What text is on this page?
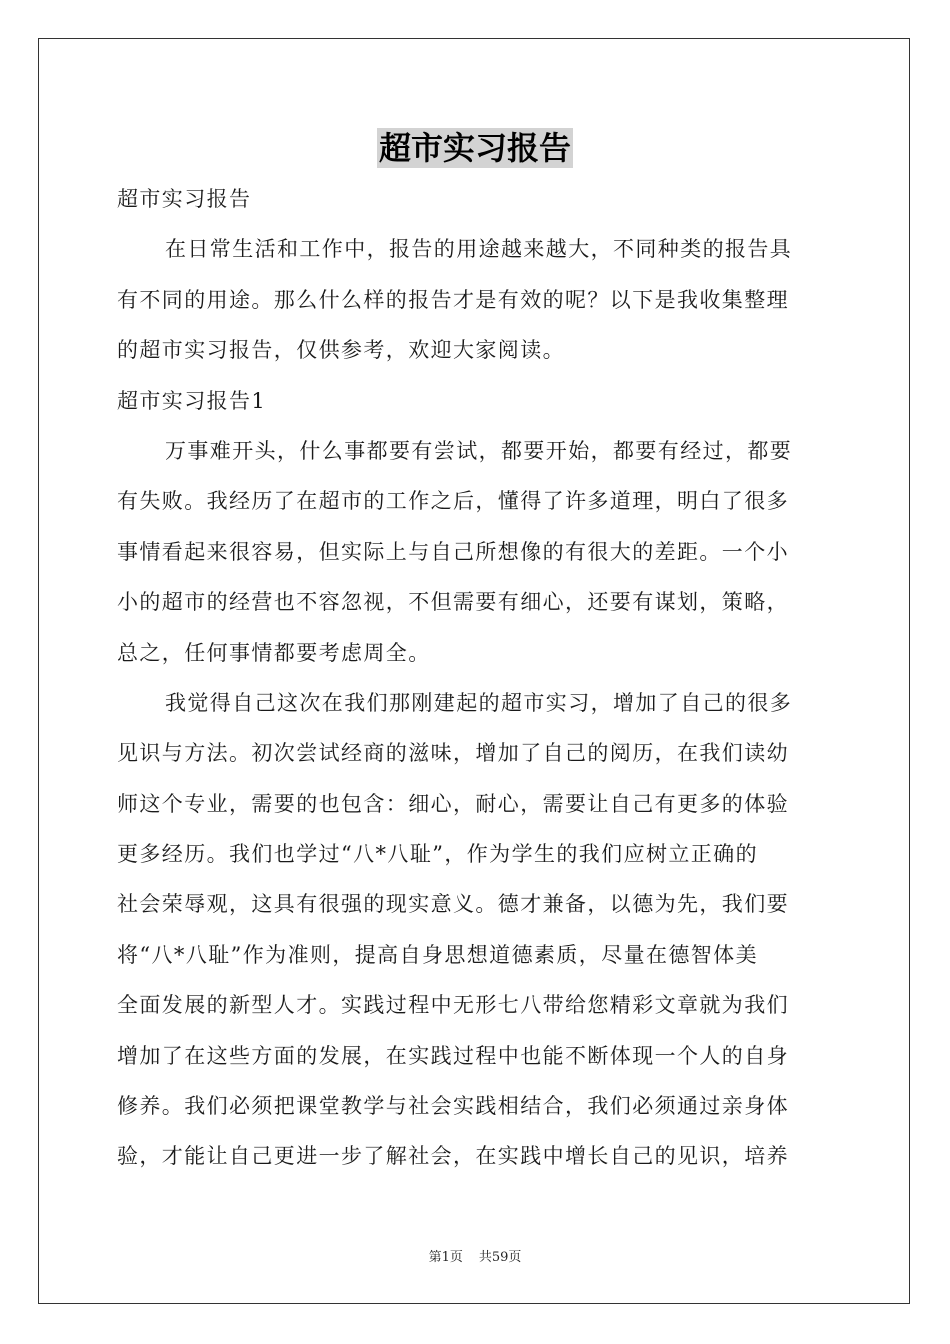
超市实习报告
超市实习报告
在日常生活和工作中，报告的用途越来越大，不同种类的报告具
有不同的用途。那么什么样的报告才是有效的呢？以下是我收集整理
的超市实习报告，仅供参考，欢迎大家阅读。
超市实习报告1
万事难开头，什么事都要有尝试，都要开始，都要有经过，都要
有失败。我经历了在超市的工作之后，懂得了许多道理，明白了很多
事情看起来很容易，但实际上与自己所想像的有很大的差距。一个小
小的超市的经营也不容忽视，不但需要有细心，还要有谋划，策略，
总之，任何事情都要考虑周全。
我觉得自己这次在我们那刚建起的超市实习，增加了自己的很多
见识与方法。初次尝试经商的滋味，增加了自己的阅历，在我们读幼
师这个专业，需要的也包含：细心，耐心，需要让自己有更多的体验
更多经历。我们也学过“八*八耻”，作为学生的我们应树立正确的
社会荣辱观，这具有很强的现实意义。德才兼备，以德为先，我们要
将“八*八耻”作为准则，提高自身思想道德素质，尽量在德智体美
全面发展的新型人才。实践过程中无形七八带给您精彩文章就为我们
增加了在这些方面的发展，在实践过程中也能不断体现一个人的自身
修养。我们必须把课堂教学与社会实践相结合，我们必须通过亲身体
验，才能让自己更进一步了解社会，在实践中增长自己的见识，培养
第1页 共59页
